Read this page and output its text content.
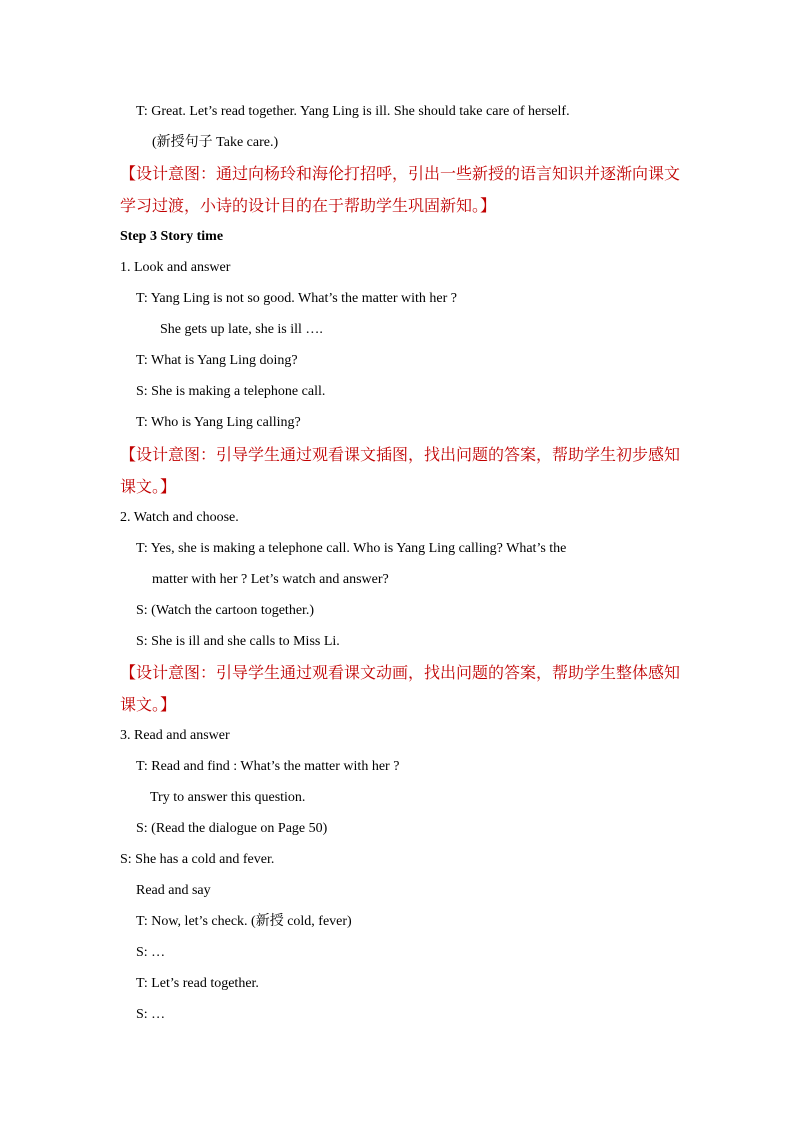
T: Great. Let’s read together. Yang Ling is ill. She should take care of herself.
(新授句子 Take care.)
【设计意图：通过向杨玲和海伦打招呼，引出一些新授的语言知识并逐渐向课文
学习过渡，小诗的设计目的在于帮助学生巩固新知。】
Step 3 Story time
1. Look and answer
T: Yang Ling is not so good. What’s the matter with her ?
She gets up late, she is ill ….
T: What is Yang Ling doing?
S: She is making a telephone call.
T: Who is Yang Ling calling?
【设计意图：引导学生通过观看课文插图，找出问题的答案，帮助学生初步感知
课文。】
2. Watch and choose.
T: Yes, she is making a telephone call. Who is Yang Ling calling? What’s the
matter with her ? Let’s watch and answer?
S: (Watch the cartoon together.)
S: She is ill and she calls to Miss Li.
【设计意图：引导学生通过观看课文动画，找出问题的答案，帮助学生整体感知
课文。】
3. Read and answer
T: Read and find : What’s the matter with her ?
Try to answer this question.
S: (Read the dialogue on Page 50)
S: She has a cold and fever.
Read and say
T: Now, let’s check. (新授 cold, fever)
S: …
T: Let’s read together.
S: …
